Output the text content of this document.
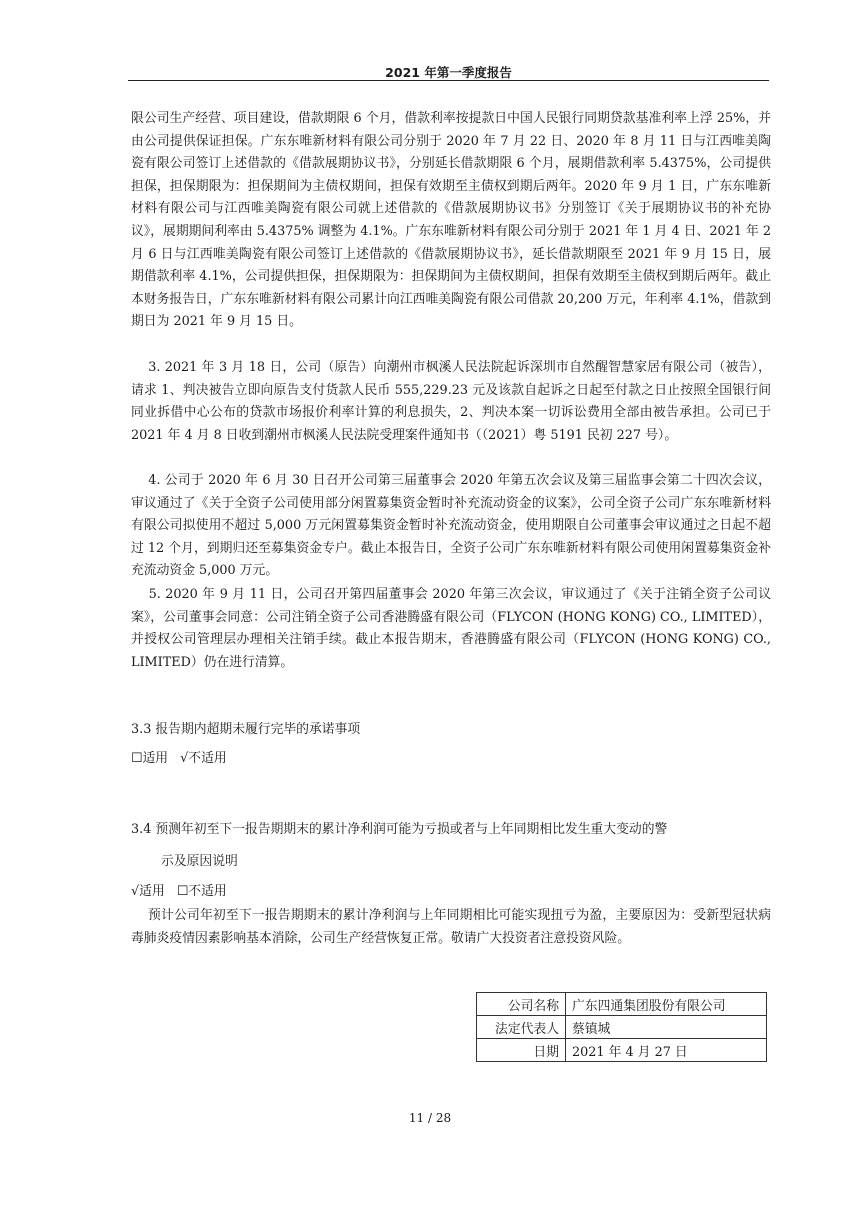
2021 年第一季度报告

限公司生产经营、项目建设，借款期限 6 个月，借款利率按提款日中国人民银行同期贷款基准利率上浮 25%，并由公司提供保证担保。广东东唯新材料有限公司分别于 2020 年 7 月 22 日、2020 年 8 月 11 日与江西唯美陶瓷有限公司签订上述借款的《借款展期协议书》，分别延长借款期限 6 个月，展期借款利率 5.4375%，公司提供担保，担保期限为：担保期间为主债权期间，担保有效期至主债权到期后两年。2020 年 9 月 1 日，广东东唯新材料有限公司与江西唯美陶瓷有限公司就上述借款的《借款展期协议书》分别签订《关于展期协议书的补充协议》，展期期间利率由 5.4375% 调整为 4.1%。广东东唯新材料有限公司分别于 2021 年 1 月 4 日、2021 年 2 月 6 日与江西唯美陶瓷有限公司签订上述借款的《借款展期协议书》，延长借款期限至 2021 年 9 月 15 日，展期借款利率 4.1%，公司提供担保，担保期限为：担保期间为主债权期间，担保有效期至主债权到期后两年。截止本财务报告日，广东东唯新材料有限公司累计向江西唯美陶瓷有限公司借款 20,200 万元，年利率 4.1%，借款到期日为 2021 年 9 月 15 日。

3. 2021 年 3 月 18 日，公司（原告）向潮州市枫溪人民法院起诉深圳市自然醒智慧家居有限公司（被告），请求 1、判决被告立即向原告支付货款人民币 555,229.23 元及该款自起诉之日起至付款之日止按照全国银行间同业拆借中心公布的贷款市场报价利率计算的利息损失，2、判决本案一切诉讼费用全部由被告承担。公司已于 2021 年 4 月 8 日收到潮州市枫溪人民法院受理案件通知书（（2021）粤 5191 民初 227 号）。

4. 公司于 2020 年 6 月 30 日召开公司第三届董事会 2020 年第五次会议及第三届监事会第二十四次会议，审议通过了《关于全资子公司使用部分闲置募集资金暂时补充流动资金的议案》，公司全资子公司广东东唯新材料有限公司拟使用不超过 5,000 万元闲置募集资金暂时补充流动资金，使用期限自公司董事会审议通过之日起不超过 12 个月，到期归还至募集资金专户。截止本报告日，全资子公司广东东唯新材料有限公司使用闲置募集资金补充流动资金 5,000 万元。

5. 2020 年 9 月 11 日，公司召开第四届董事会 2020 年第三次会议，审议通过了《关于注销全资子公司议案》，公司董事会同意：公司注销全资子公司香港腾盛有限公司（FLYCON (HONG KONG) CO., LIMITED），并授权公司管理层办理相关注销手续。截止本报告期末，香港腾盛有限公司（FLYCON (HONG KONG) CO., LIMITED）仍在进行清算。

3.3 报告期内超期未履行完毕的承诺事项

☐适用 √不适用

3.4 预测年初至下一报告期期末的累计净利润可能为亏损或者与上年同期相比发生重大变动的警

示及原因说明

√适用 ☐不适用

预计公司年初至下一报告期期末的累计净利润与上年同期相比可能实现扭亏为盈，主要原因为：受新型冠状病毒肺炎疫情因素影响基本消除，公司生产经营恢复正常。敬请广大投资者注意投资风险。

公司名称	广东四通集团股份有限公司
法定代表人	蔡镇城
日期	2021 年 4 月 27 日
11 / 28
